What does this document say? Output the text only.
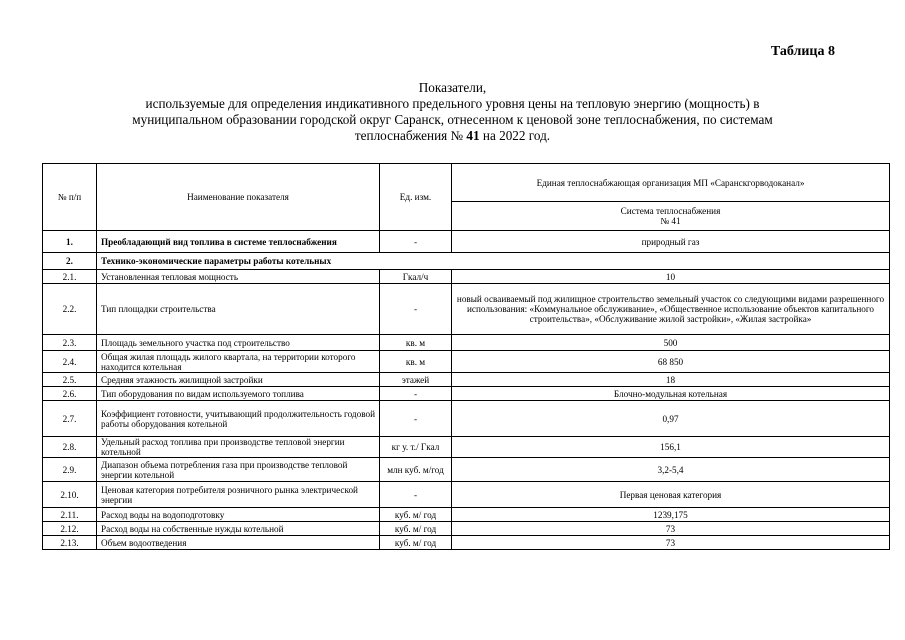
Таблица 8
Показатели,
используемые для определения индикативного предельного уровня цены на тепловую энергию (мощность) в
муниципальном образовании городской округ Саранск, отнесенном к ценовой зоне теплоснабжения, по системам
теплоснабжения № 41 на 2022 год.
№ п/п	Наименование показателя	Ед. изм.	Единая теплоснабжающая организация МП «Саранскгорводоканал»

			Система теплоснабжения
№ 41

1.	Преобладающий вид топлива в системе теплоснабжения	-	природный газ
2.	Технико-экономические параметры работы котельных		
2.1.	Установленная тепловая мощность	Гкал/ч	10
2.2.	Тип площадки строительства	-	новый осваиваемый под жилищное строительство земельный участок со следующими видами разрешенного использования: «Коммунальное обслуживание», «Общественное использование объектов капитального строительства», «Обслуживание жилой застройки», «Жилая застройка»
2.3.	Площадь земельного участка под строительство	кв. м	500
2.4.	Общая жилая площадь жилого квартала, на территории которого находится котельная	кв. м	68 850
2.5.	Средняя этажность жилищной застройки	этажей	18
2.6.	Тип оборудования по видам используемого топлива	-	Блочно-модульная котельная
2.7.	Коэффициент готовности, учитывающий продолжительность годовой работы оборудования котельной	-	0,97
2.8.	Удельный расход топлива при производстве тепловой энергии котельной	кг у. т./ Гкал	156,1
2.9.	Диапазон объема потребления газа при производстве тепловой энергии котельной	млн куб. м/год	3,2-5,4
2.10.	Ценовая категория потребителя розничного рынка электрической энергии	-	Первая ценовая категория
2.11.	Расход воды на водоподготовку	куб. м/ год	1239,175
2.12.	Расход воды на собственные нужды котельной	куб. м/ год	73
2.13.	Объем водоотведения	куб. м/ год	73
